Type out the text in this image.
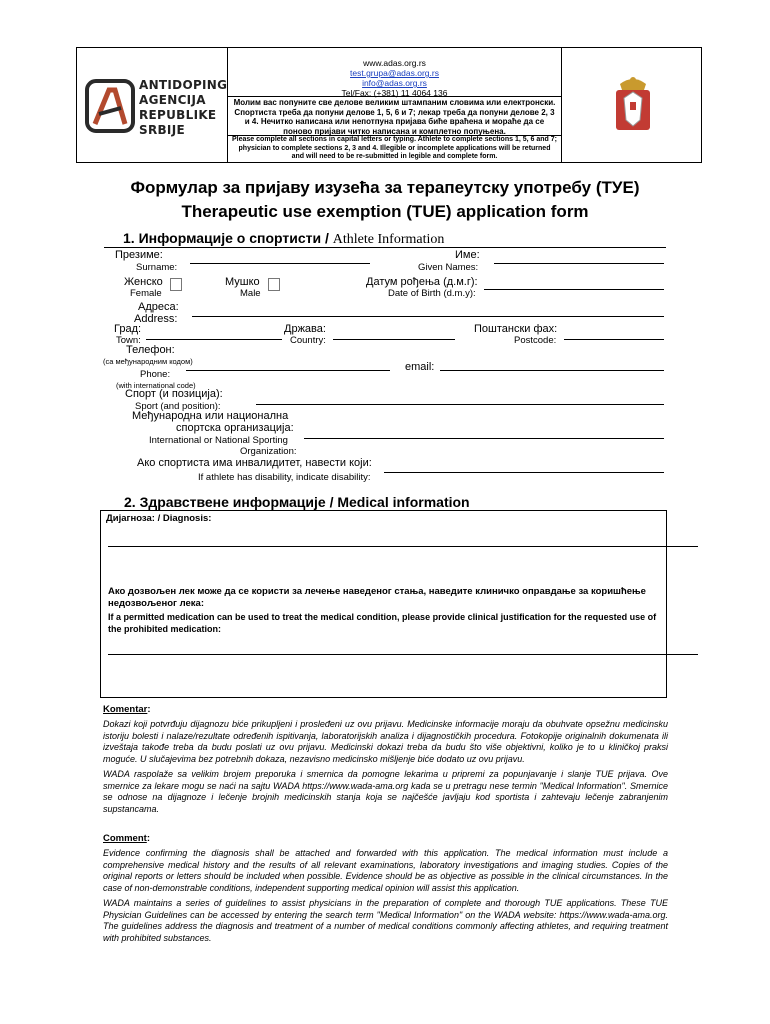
ANTIDOPING
AGENCIJA
REPUBLIKE
SRBIJE
www.adas.org.rs
test.grupa@adas.org.rs
info@adas.org.rs
Tel/Fax: (+381) 11 4064 136
Молим вас попуните све делове великим штампаним словима или електронски. Спортиста треба да попуни делове 1, 5, 6 и 7; лекар треба да попуни делове 2, 3 и 4. Нечитко написана или непотпуна пријава биће враћена и мораће да се поново пријави читко написана и комплетно попуњена.
Please complete all sections in capital letters or typing. Athlete to complete sections 1, 5, 6 and 7; physician to complete sections 2, 3 and 4. Illegible or incomplete applications will be returned and will need to be re-submitted in legible and complete form.
Формулар за пријаву изузећа за терапеутску употребу (ТУЕ)
Therapeutic use exemption (TUE) application form
1. Информације о спортисти / Athlete Information
Презиме:
Surname:
Име:
Given Names:
Женско
Female
Мушко
Male
Датум рођења (д.м.г):
Date of Birth (d.m.y):
Адреса:
Address:
Град:
Town:
Држава:
Country:
Поштански фах:
Postcode:
Телефон:
(са међународним кодом)
Phone:
(with international code)
email:
Спорт (и позиција):
Sport (and position):
Међународна или национална
спортска организација:
International or National Sporting
Organization:
Ако спортиста има инвалидитет, навести који:
If athlete has disability, indicate disability:
2. Здравствене информације / Medical information
Дијагноза: / Diagnosis:
Ако дозвољен лек може да се користи за лечење наведеног стања, наведите клиничко оправдање за коришћење недозвољеног лека:
If a permitted medication can be used to treat the medical condition, please provide clinical justification for the requested use of the prohibited medication:
Komentar:
Dokazi koji potvrđuju dijagnozu biće prikupljeni i prosleđeni uz ovu prijavu. Medicinske informacije moraju da obuhvate opsežnu medicinsku istoriju bolesti i nalaze/rezultate određenih ispitivanja, laboratorijskih analiza i dijagnostičkih procedura. Fotokopije originalnih dokumenata ili izveštaja takođe treba da budu poslati uz ovu prijavu. Medicinski dokazi treba da budu što više objektivni, koliko je to u kliničkoj praksi moguće. U slučajevima bez potrebnih dokaza, nezavisno medicinsko mišljenje biće dodato uz ovu prijavu.
WADA raspolaže sa velikim brojem preporuka i smernica da pomogne lekarima u pripremi za popunjavanje i slanje TUE prijava. Ove smernice za lekare mogu se naći na sajtu WADA https://www.wada-ama.org kada se u pretragu nese termin "Medical Information". Smernice se odnose na dijagnoze i lečenje brojnih medicinskih stanja koja se najčešće javljaju kod sportista i zahtevaju lečenje zabranjenim supstancama.
Comment:
Evidence confirming the diagnosis shall be attached and forwarded with this application. The medical information must include a comprehensive medical history and the results of all relevant examinations, laboratory investigations and imaging studies. Copies of the original reports or letters should be included when possible. Evidence should be as objective as possible in the clinical circumstances. In the case of non-demonstrable conditions, independent supporting medical opinion will assist this application.
WADA maintains a series of guidelines to assist physicians in the preparation of complete and thorough TUE applications. These TUE Physician Guidelines can be accessed by entering the search term "Medical Information" on the WADA website: https://www.wada-ama.org. The guidelines address the diagnosis and treatment of a number of medical conditions commonly affecting athletes, and requiring treatment with prohibited substances.
